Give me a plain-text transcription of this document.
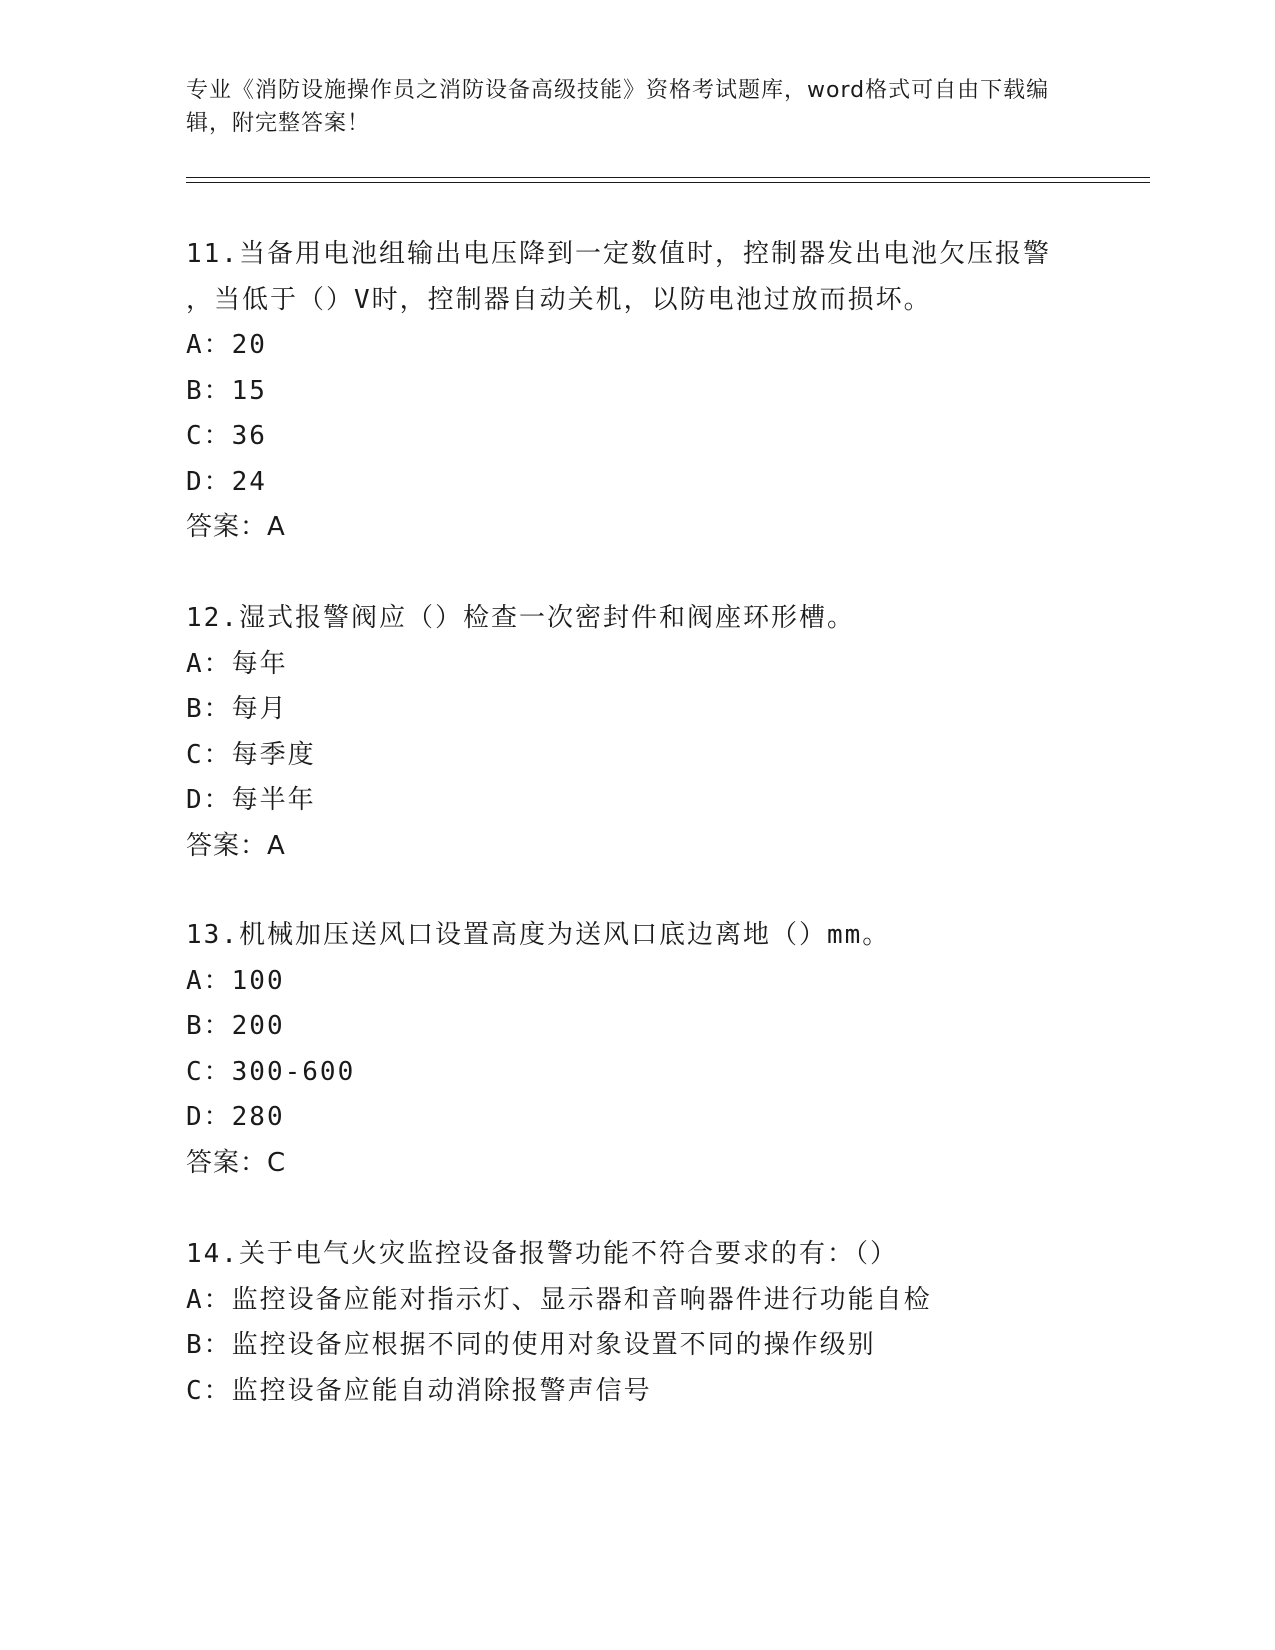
专业《消防设施操作员之消防设备高级技能》资格考试题库，word格式可自由下载编辑，附完整答案！
11.当备用电池组输出电压降到一定数值时，控制器发出电池欠压报警
，当低于（）V时，控制器自动关机，以防电池过放而损坏。
A：20
B：15
C：36
D：24
答案：A
12.湿式报警阀应（）检查一次密封件和阀座环形槽。
A：每年
B：每月
C：每季度
D：每半年
答案：A
13.机械加压送风口设置高度为送风口底边离地（）mm。
A：100
B：200
C：300-600
D：280
答案：C
14.关于电气火灾监控设备报警功能不符合要求的有：（）
A：监控设备应能对指示灯、显示器和音响器件进行功能自检
B：监控设备应根据不同的使用对象设置不同的操作级别
C：监控设备应能自动消除报警声信号
